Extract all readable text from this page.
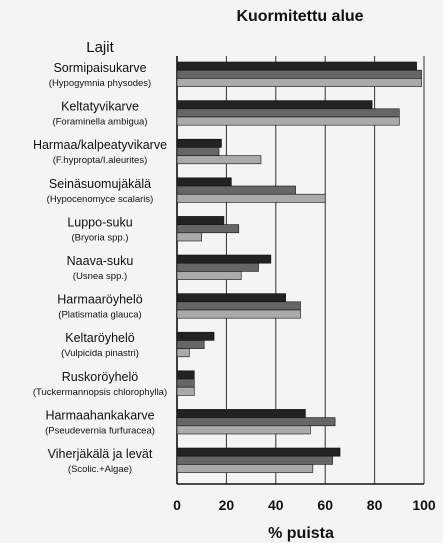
Kuormitettu alue
Lajit
Sormipaisukarve
(Hypogymnia physodes)
Keltatyvikarve
(Foraminella ambigua)
Harmaa/kalpeatyvikarve
(F.hypropta/I.aleurites)
Seinäsuomujäkälä
(Hypocenomyce scalaris)
Luppo-suku
(Bryoria spp.)
Naava-suku
(Usnea spp.)
Harmaaröyhelö
(Platismatia glauca)
Keltaröyhelö
(Vulpicida pinastri)
Ruskoröyhelö
(Tuckermannopsis chlorophylla)
Harmaahankakarve
(Pseudevernia furfuracea)
Viherjäkälä ja levät
(Scolic.+Algae)
0	20 40 60 80 100
% puista
